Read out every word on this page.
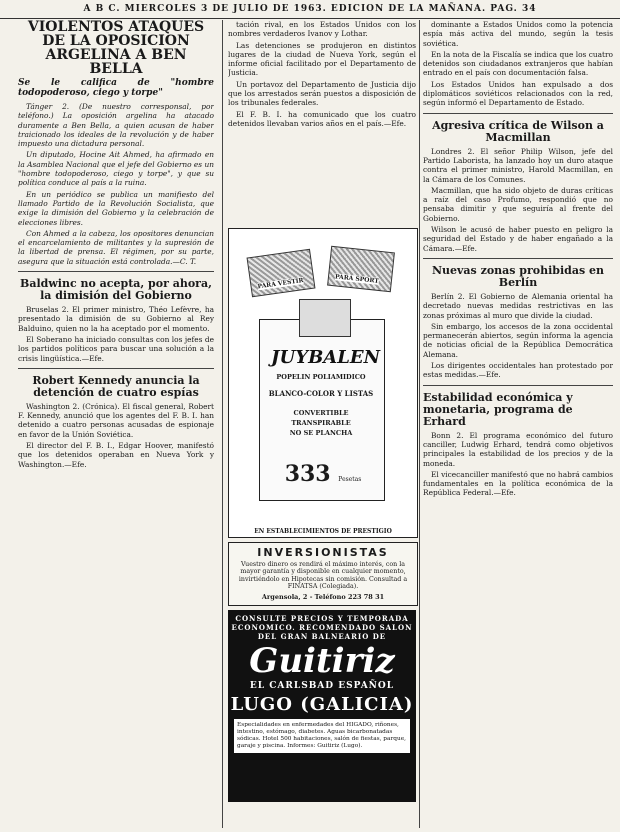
A B C. MIERCOLES 3 DE JULIO DE 1963. EDICION DE LA MAÑANA. PAG. 34
VIOLENTOS ATAQUES DE LA OPOSICION ARGELINA A BEN BELLA
Se le califica de "hombre todopoderoso, ciego y torpe"

Tánger 2. (De nuestro corresponsal, por teléfono.) La oposición argelina ha atacado duramente a Ben Bella, a quien acusan de haber traicionado los ideales de la revolución y de haber impuesto una dictadura personal.

Un diputado, Hocine Ait Ahmed, ha afirmado en la Asamblea Nacional que el jefe del Gobierno es un "hombre todopoderoso, ciego y torpe", y que su política conduce al país a la ruina.

En un periódico se publica un manifiesto del llamado Partido de la Revolución Socialista, que exige la dimisión del Gobierno y la celebración de elecciones libres.

Con Ahmed a la cabeza, los opositores denuncian el encarcelamiento de militantes y la supresión de la libertad de prensa. El régimen, por su parte, asegura que la situación está controlada.—C. T.

Baldwinc no acepta, por ahora, la dimisión del Gobierno

Bruselas 2. El primer ministro, Théo Lefèvre, ha presentado la dimisión de su Gobierno al Rey Balduino, quien no la ha aceptado por el momento.

El Soberano ha iniciado consultas con los jefes de los partidos políticos para buscar una solución a la crisis lingüística.—Efe.

Robert Kennedy anuncia la detención de cuatro espías

Washington 2. (Crónica). El fiscal general, Robert F. Kennedy, anunció que los agentes del F. B. I. han detenido a cuatro personas acusadas de espionaje en favor de la Unión Soviética.

El director del F. B. I., Edgar Hoover, manifestó que los detenidos operaban en Nueva York y Washington.—Efe.

tación rival, en los Estados Unidos con los nombres verdaderos Ivanov y Lothar.

Las detenciones se produjeron en distintos lugares de la ciudad de Nueva York, según el informe oficial facilitado por el Departamento de Justicia.

Un portavoz del Departamento de Justicia dijo que los arrestados serán puestos a disposición de los tribunales federales.

El F. B. I. ha comunicado que los cuatro detenidos llevaban varios años en el país.—Efe.

PARA VESTIR	PARA SPORT
JUYBALEN
POPELIN POLIAMIDICO
BLANCO-COLOR Y LISTAS
CONVERTIBLE
TRANSPIRABLE
NO SE PLANCHA
333 Pesetas
EN ESTABLECIMIENTOS DE PRESTIGIO
INVERSIONISTAS
Vuestro dinero os rendirá el máximo interés, con la mayor garantía y disponible en cualquier momento, invirtiéndolo en Hipotecas sin comisión. Consultad a FINATSA (Colegiada).
Argensola, 2 - Teléfono 223 78 31
CONSULTE PRECIOS Y TEMPORADA ECONOMICO. RECOMENDADO SALON DEL GRAN BALNEARIO DE
Guitiriz
EL CARLSBAD ESPAÑOL
LUGO (GALICIA)
Especialidades en enfermedades del HIGADO, riñones, intestino, estómago, diabetes. Aguas bicarbonatadas sódicas. Hotel 500 habitaciones, salón de fiestas, parque, garaje y piscina. Informes: Guitiriz (Lugo).

dominante a Estados Unidos como la potencia espía más activa del mundo, según la tesis soviética.

En la nota de la Fiscalía se indica que los cuatro detenidos son ciudadanos extranjeros que habían entrado en el país con documentación falsa.

Los Estados Unidos han expulsado a dos diplomáticos soviéticos relacionados con la red, según informó el Departamento de Estado.

Agresiva crítica de Wilson a Macmillan

Londres 2. El señor Philip Wilson, jefe del Partido Laborista, ha lanzado hoy un duro ataque contra el primer ministro, Harold Macmillan, en la Cámara de los Comunes.

Macmillan, que ha sido objeto de duras críticas a raíz del caso Profumo, respondió que no pensaba dimitir y que seguiría al frente del Gobierno.

Wilson le acusó de haber puesto en peligro la seguridad del Estado y de haber engañado a la Cámara.—Efe.

Nuevas zonas prohibidas en Berlín

Berlín 2. El Gobierno de Alemania oriental ha decretado nuevas medidas restrictivas en las zonas próximas al muro que divide la ciudad.

Sin embargo, los accesos de la zona occidental permanecerán abiertos, según informa la agencia de noticias oficial de la República Democrática Alemana.

Los dirigentes occidentales han protestado por estas medidas.—Efe.

Estabilidad económica y monetaria, programa de Erhard

Bonn 2. El programa económico del futuro canciller, Ludwig Erhard, tendrá como objetivos principales la estabilidad de los precios y de la moneda.

El vicecanciller manifestó que no habrá cambios fundamentales en la política económica de la República Federal.—Efe.
